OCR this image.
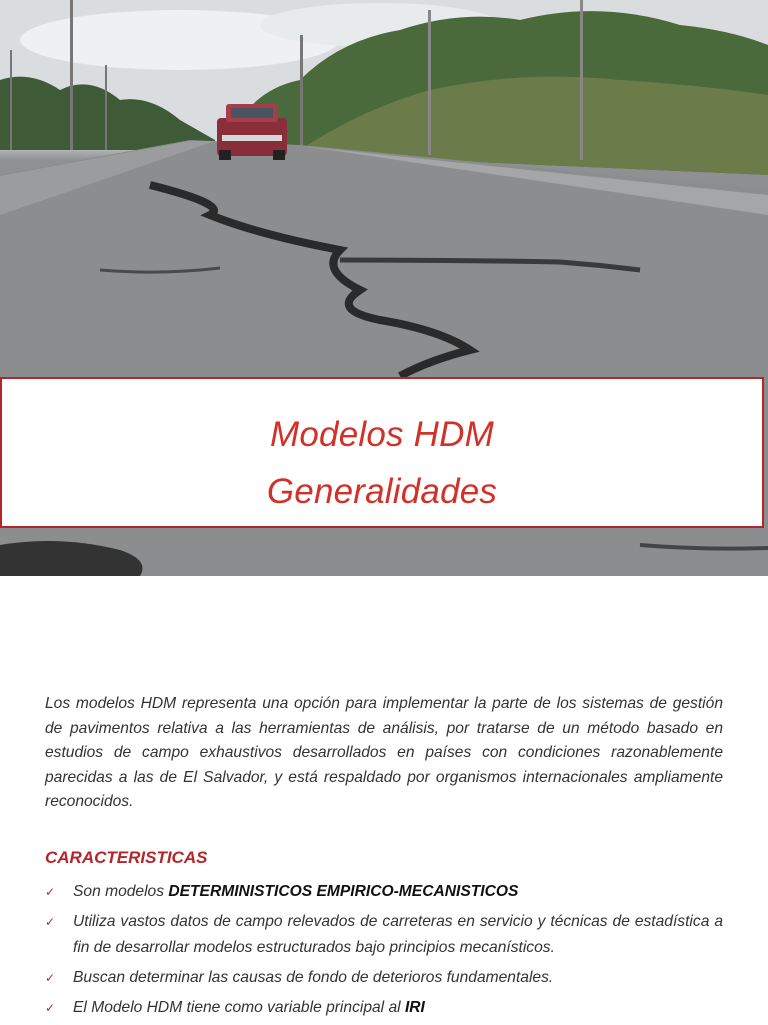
Modelos HDM
Generalidades

Los modelos HDM representa una opción para implementar la parte de los sistemas de gestión de pavimentos relativa a las herramientas de análisis, por tratarse de un método basado en estudios de campo exhaustivos desarrollados en países con condiciones razonablemente parecidas a las de El Salvador, y está respaldado por organismos internacionales ampliamente reconocidos.

CARACTERISTICAS
✓ Son modelos DETERMINISTICOS EMPIRICO-MECANISTICOS
✓ Utiliza vastos datos de campo relevados de carreteras en servicio y técnicas de estadística a fin de desarrollar modelos estructurados bajo principios mecanísticos.
✓ Buscan determinar las causas de fondo de deterioros fundamentales.
✓ El Modelo HDM tiene como variable principal al IRI
